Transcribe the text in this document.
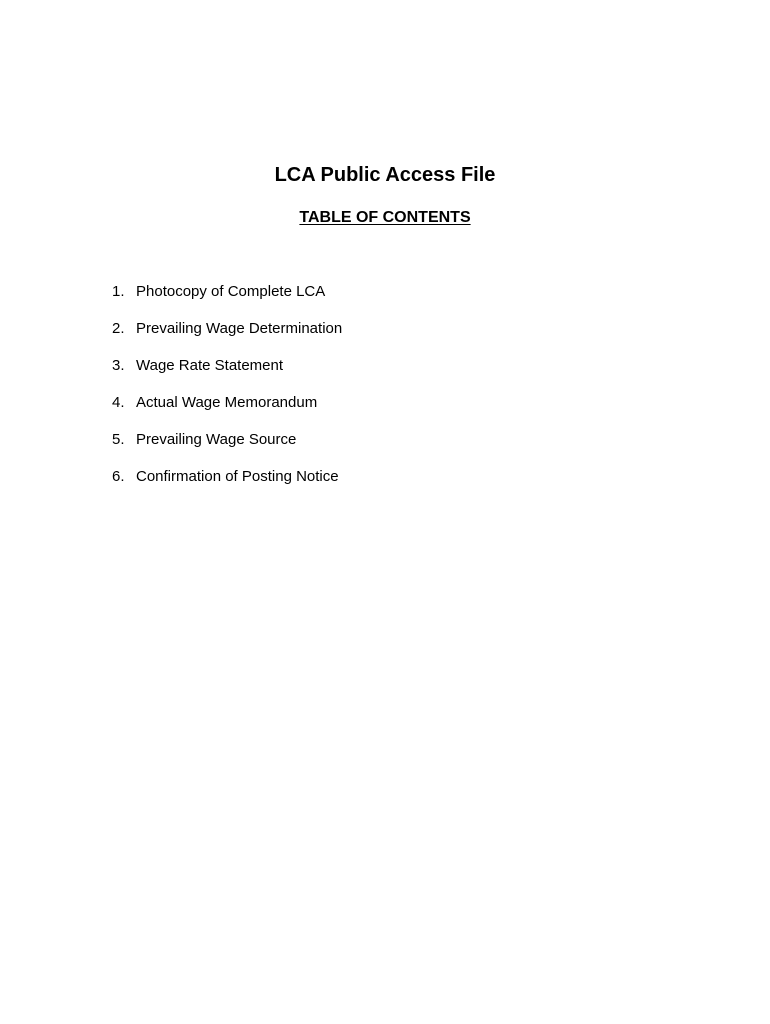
LCA Public Access File
TABLE OF CONTENTS
1. Photocopy of Complete LCA
2. Prevailing Wage Determination
3. Wage Rate Statement
4. Actual Wage Memorandum
5. Prevailing Wage Source
6. Confirmation of Posting Notice
